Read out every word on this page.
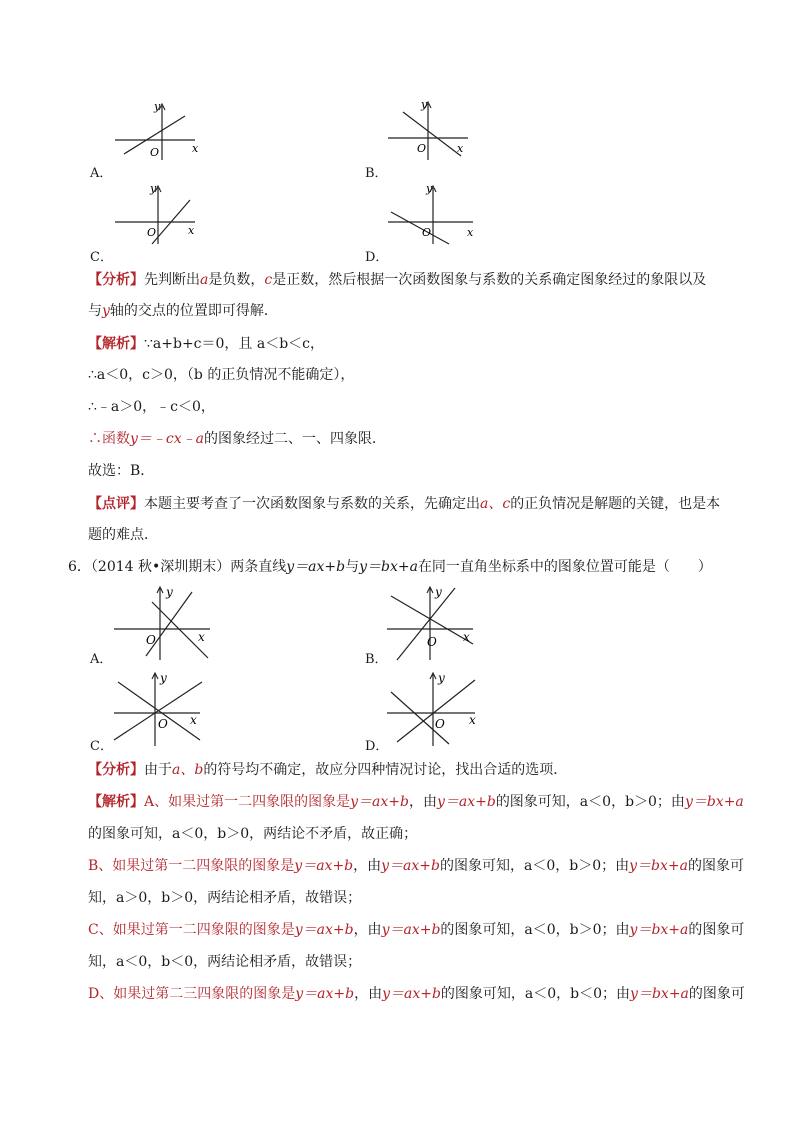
y
x
O
A．
y
x
O
B．
y
x
O
C．
y
x
O
D．
【分析】先判断出a是负数，c是正数，然后根据一次函数图象与系数的关系确定图象经过的象限以及
与y轴的交点的位置即可得解．
【解析】∵a+b+c＝0，且 a＜b＜c，
∴a＜0，c＞0，（b 的正负情况不能确定），
∴﹣a＞0，﹣c＜0，
∴函数y＝﹣cx﹣a的图象经过二、一、四象限．
故选：B．
【点评】本题主要考查了一次函数图象与系数的关系，先确定出a、c的正负情况是解题的关键，也是本
题的难点．
6．（2014 秋•深圳期末）两条直线y＝ax+b与y＝bx+a在同一直角坐标系中的图象位置可能是（　　）
y
x
O
A．
y
x
O
B．
y
x
O
C．
y
x
O
D．
【分析】由于a、b的符号均不确定，故应分四种情况讨论，找出合适的选项．
【解析】A、如果过第一二四象限的图象是y＝ax+b，由y＝ax+b的图象可知，a＜0，b＞0；由y＝bx+a
的图象可知，a＜0，b＞0，两结论不矛盾，故正确；
B、如果过第一二四象限的图象是y＝ax+b，由y＝ax+b的图象可知，a＜0，b＞0；由y＝bx+a的图象可
知，a＞0，b＞0，两结论相矛盾，故错误；
C、如果过第一二四象限的图象是y＝ax+b，由y＝ax+b的图象可知，a＜0，b＞0；由y＝bx+a的图象可
知，a＜0，b＜0，两结论相矛盾，故错误；
D、如果过第二三四象限的图象是y＝ax+b，由y＝ax+b的图象可知，a＜0，b＜0；由y＝bx+a的图象可
